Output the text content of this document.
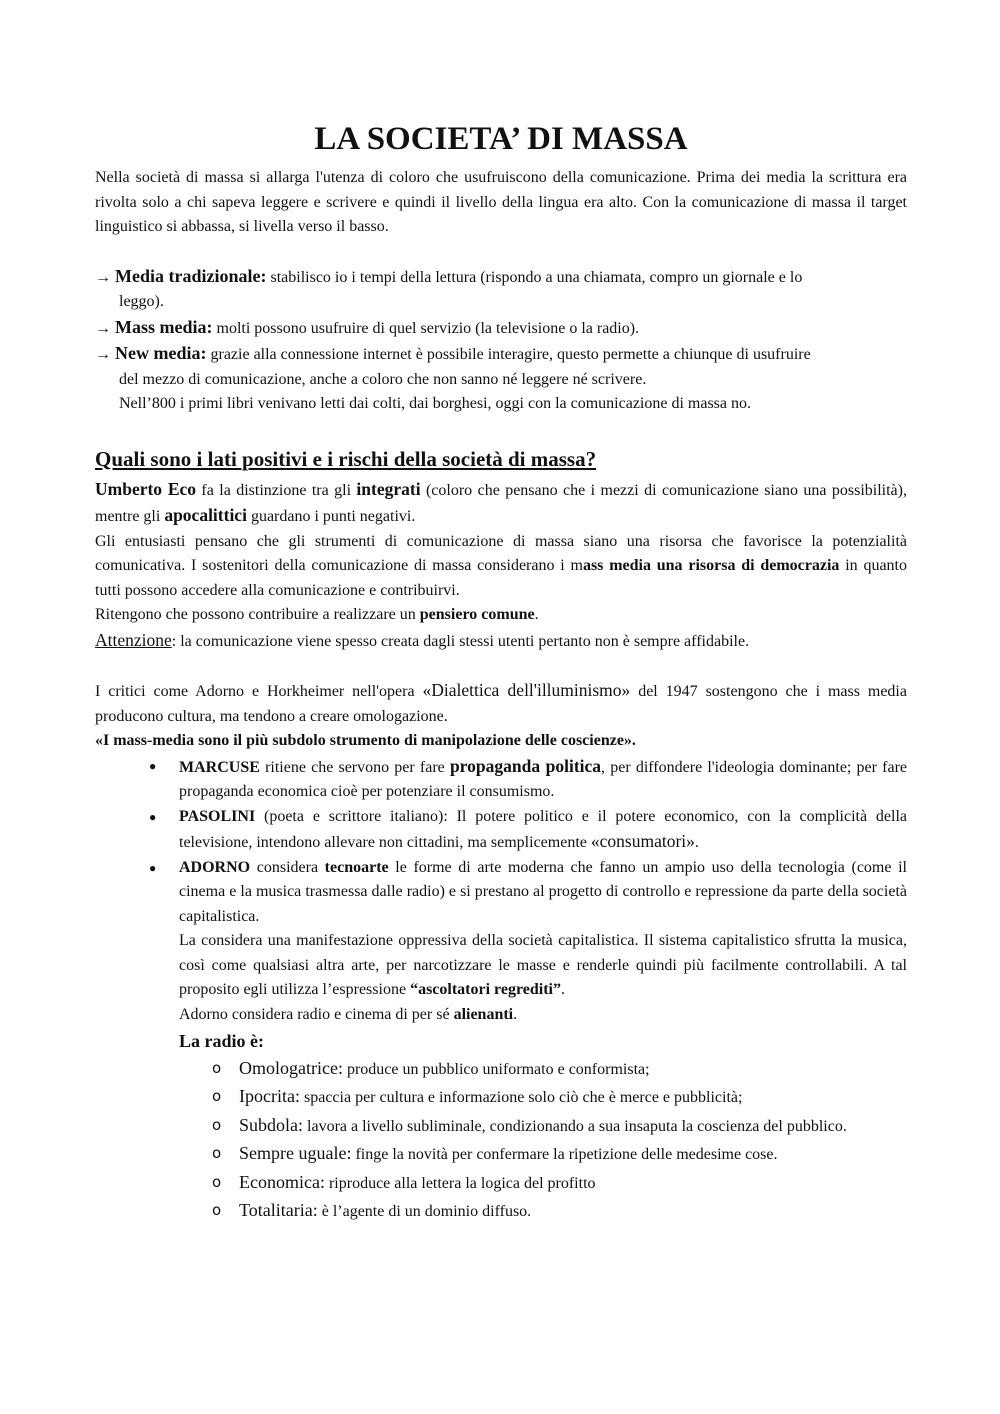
LA SOCIETA’ DI MASSA

Nella società di massa si allarga l'utenza di coloro che usufruiscono della comunicazione. Prima dei media la scrittura era rivolta solo a chi sapeva leggere e scrivere e quindi il livello della lingua era alto. Con la comunicazione di massa il target linguistico si abbassa, si livella verso il basso.

→ Media tradizionale: stabilisco io i tempi della lettura (rispondo a una chiamata, compro un giornale e lo

leggo).

→ Mass media: molti possono usufruire di quel servizio (la televisione o la radio).

→ New media: grazie alla connessione internet è possibile interagire, questo permette a chiunque di usufruire

del mezzo di comunicazione, anche a coloro che non sanno né leggere né scrivere.

Nell’800 i primi libri venivano letti dai colti, dai borghesi, oggi con la comunicazione di massa no.

Quali sono i lati positivi e i rischi della società di massa?

Umberto Eco fa la distinzione tra gli integrati (coloro che pensano che i mezzi di comunicazione siano una possibilità), mentre gli apocalittici guardano i punti negativi.

Gli entusiasti pensano che gli strumenti di comunicazione di massa siano una risorsa che favorisce la potenzialità comunicativa. I sostenitori della comunicazione di massa considerano i mass media una risorsa di democrazia in quanto tutti possono accedere alla comunicazione e contribuirvi.

Ritengono che possono contribuire a realizzare un pensiero comune.

Attenzione: la comunicazione viene spesso creata dagli stessi utenti pertanto non è sempre affidabile.

I critici come Adorno e Horkheimer nell'opera «Dialettica dell'illuminismo» del 1947 sostengono che i mass media producono cultura, ma tendono a creare omologazione.

«I mass-media sono il più subdolo strumento di manipolazione delle coscienze».

● MARCUSE ritiene che servono per fare propaganda politica, per diffondere l'ideologia dominante; per fare propaganda economica cioè per potenziare il consumismo.
● PASOLINI (poeta e scrittore italiano): Il potere politico e il potere economico, con la complicità della televisione, intendono allevare non cittadini, ma semplicemente «consumatori».
● ADORNO considera tecnoarte le forme di arte moderna che fanno un ampio uso della tecnologia (come il cinema e la musica trasmessa dalle radio) e si prestano al progetto di controllo e repressione da parte della società capitalistica.
La considera una manifestazione oppressiva della società capitalistica. Il sistema capitalistico sfrutta la musica, così come qualsiasi altra arte, per narcotizzare le masse e renderle quindi più facilmente controllabili. A tal proposito egli utilizza l’espressione “ascoltatori regrediti”.
Adorno considera radio e cinema di per sé alienanti.
La radio è:
o Omologatrice: produce un pubblico uniformato e conformista;
o Ipocrita: spaccia per cultura e informazione solo ciò che è merce e pubblicità;
o Subdola: lavora a livello subliminale, condizionando a sua insaputa la coscienza del pubblico.
o Sempre uguale: finge la novità per confermare la ripetizione delle medesime cose.
o Economica: riproduce alla lettera la logica del profitto
o Totalitaria: è l’agente di un dominio diffuso.
